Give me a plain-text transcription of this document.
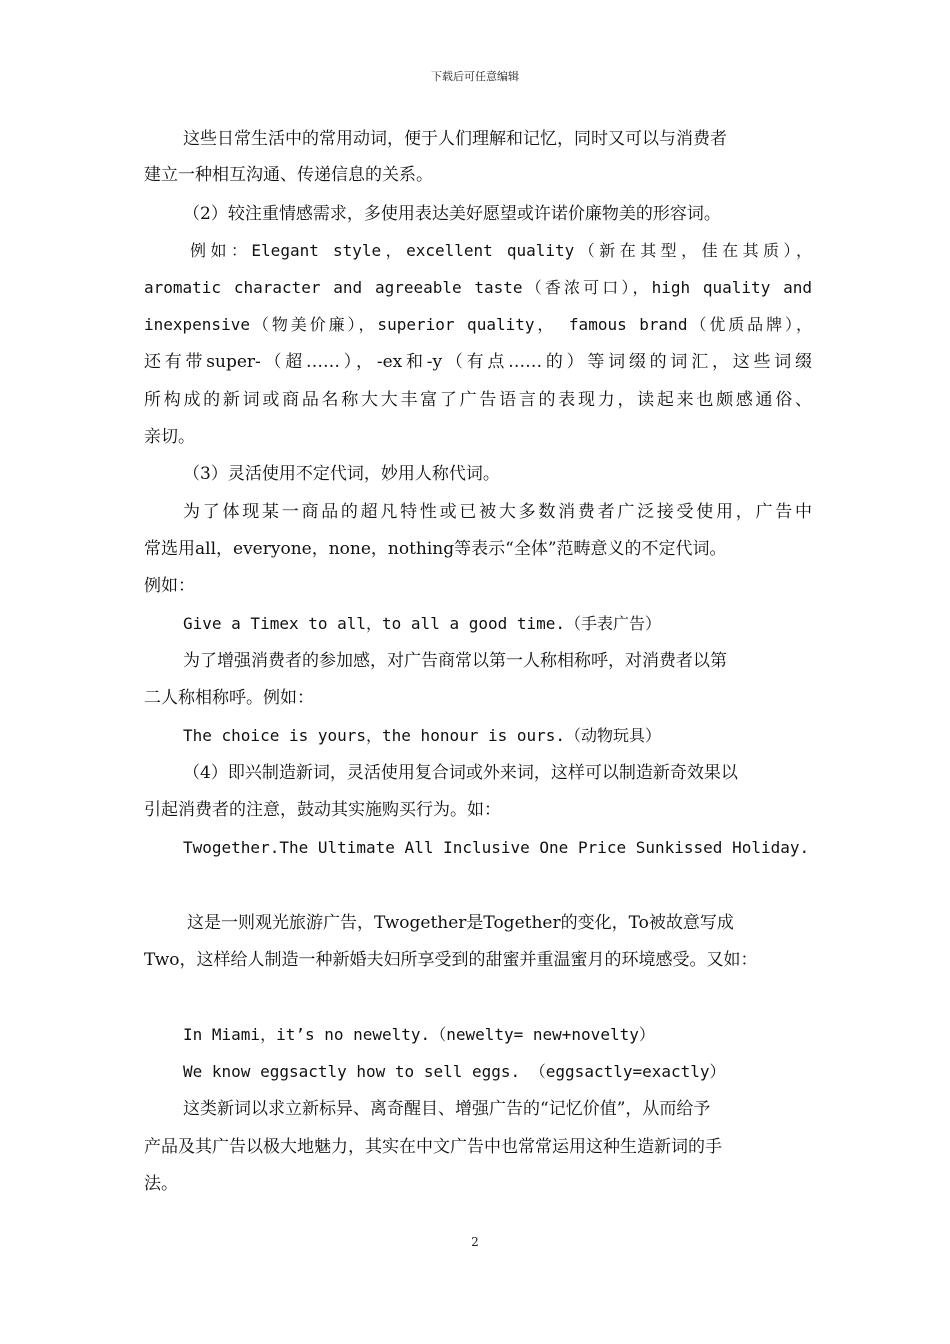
下载后可任意编辑
这些日常生活中的常用动词，便于人们理解和记忆，同时又可以与消费者
建立一种相互沟通、传递信息的关系。
（2）较注重情感需求，多使用表达美好愿望或许诺价廉物美的形容词。
例如：Elegant style，excellent quality（新在其型，佳在其质），
aromatic character and agreeable taste（香浓可口），high quality and
inexpensive（物美价廉），superior quality， famous brand（优质品牌），
还有带super-（超……），-ex和-y（有点……的）等词缀的词汇，这些词缀
所构成的新词或商品名称大大丰富了广告语言的表现力，读起来也颇感通俗、
亲切。
（3）灵活使用不定代词，妙用人称代词。
为了体现某一商品的超凡特性或已被大多数消费者广泛接受使用，广告中
常选用all，everyone，none，nothing等表示“全体”范畴意义的不定代词。
例如：
Give a Timex to all，to all a good time.（手表广告）
为了增强消费者的参加感，对广告商常以第一人称相称呼，对消费者以第
二人称相称呼。例如：
The choice is yours，the honour is ours.（动物玩具）
（4）即兴制造新词，灵活使用复合词或外来词，这样可以制造新奇效果以
引起消费者的注意，鼓动其实施购买行为。如：
Twogether.The Ultimate All Inclusive One Price Sunkissed Holiday.
这是一则观光旅游广告，Twogether是Together的变化，To被故意写成
Two，这样给人制造一种新婚夫妇所享受到的甜蜜并重温蜜月的环境感受。又如：
In Miami，it’s no newelty.（newelty= new+novelty）
We know eggsactly how to sell eggs. （eggsactly=exactly）
这类新词以求立新标异、离奇醒目、增强广告的“记忆价值”，从而给予
产品及其广告以极大地魅力，其实在中文广告中也常常运用这种生造新词的手
法。
2
